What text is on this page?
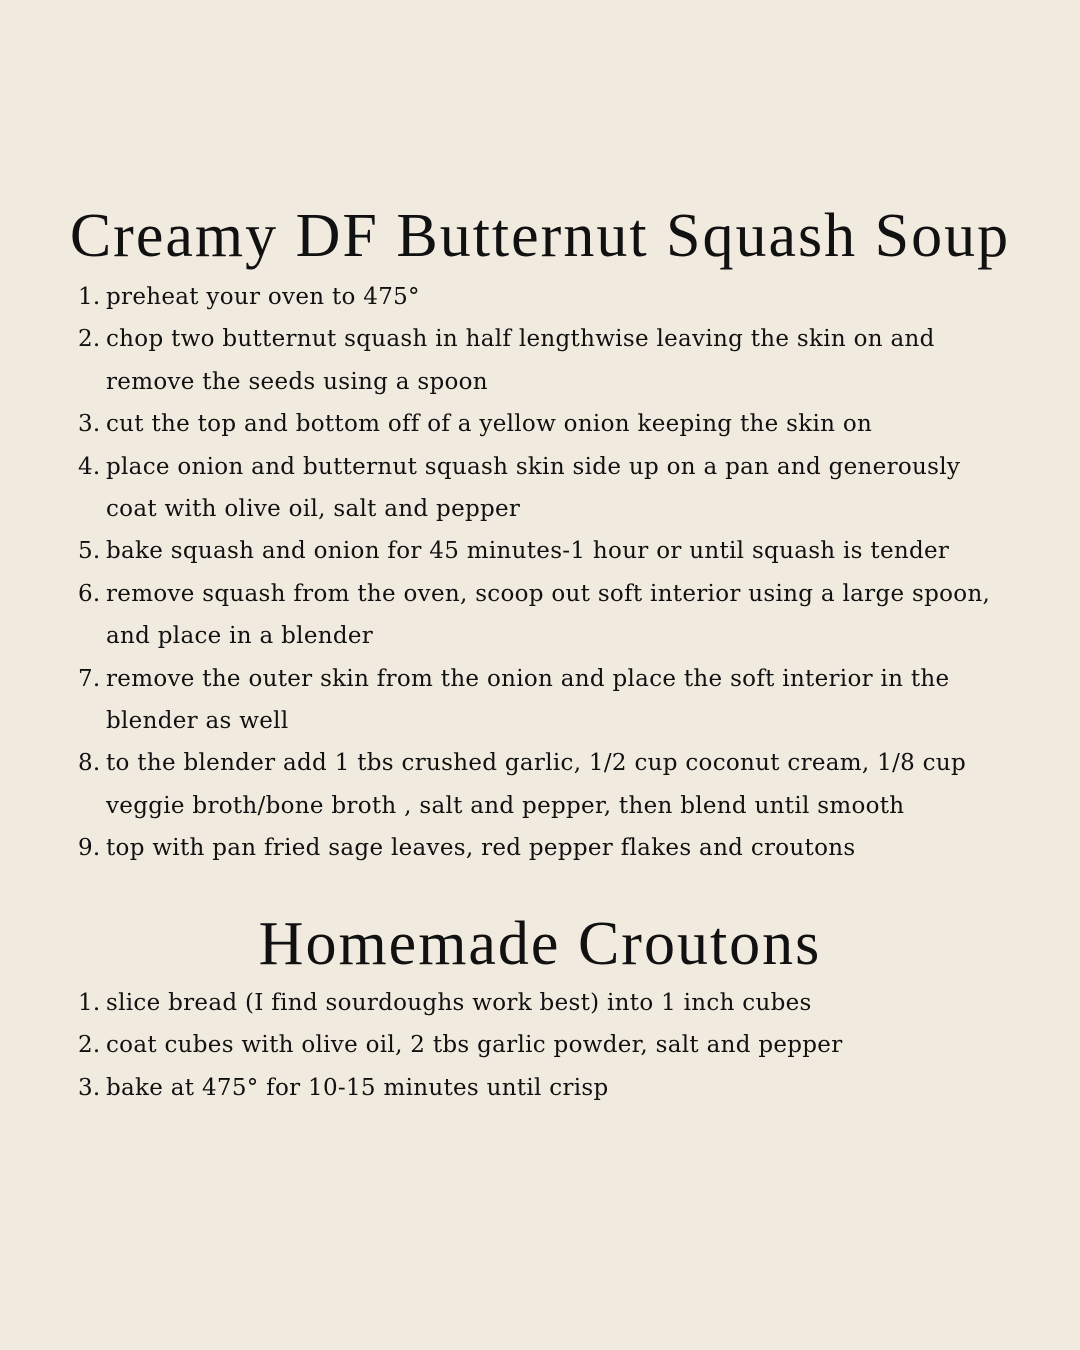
Creamy DF Butternut Squash Soup
1. preheat your oven to 475°
2. chop two butternut squash in half lengthwise leaving the skin on and
remove the seeds using a spoon
3. cut the top and bottom off of a yellow onion keeping the skin on
4. place onion and butternut squash skin side up on a pan and generously
coat with olive oil, salt and pepper
5. bake squash and onion for 45 minutes-1 hour or until squash is tender
6. remove squash from the oven, scoop out soft interior using a large spoon,
and place in a blender
7. remove the outer skin from the onion and place the soft interior in the
blender as well
8. to the blender add 1 tbs crushed garlic, 1/2 cup coconut cream, 1/8 cup
veggie broth/bone broth , salt and pepper, then blend until smooth
9. top with pan fried sage leaves, red pepper flakes and croutons
Homemade Croutons
1. slice bread (I find sourdoughs work best) into 1 inch cubes
2. coat cubes with olive oil, 2 tbs garlic powder, salt and pepper
3. bake at 475° for 10-15 minutes until crisp
